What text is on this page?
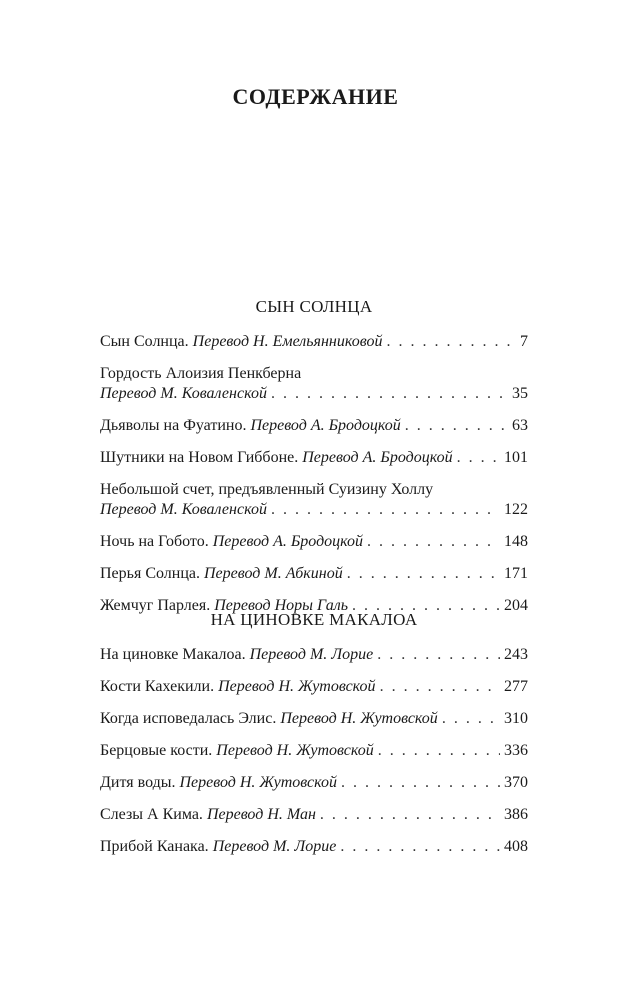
СОДЕРЖАНИЕ
СЫН СОЛНЦА
Сын Солнца.
Перевод Н. Емельянниковой . . .	7
Гордость Алоизия Пенкберна
Перевод М. Коваленской . . .	35
Дьяволы на Фуатино.
Перевод А. Бродоцкой . . .	63
Шутники на Новом Гиббоне.
Перевод А. Бродоцкой . . .	101
Небольшой счет, предъявленный Суизину Холлу
Перевод М. Коваленской . . .	122
Ночь на Гобото.
Перевод А. Бродоцкой . . .	148
Перья Солнца.
Перевод М. Абкиной . . .	171
Жемчуг Парлея.
Перевод Норы Галь . . .	204
НА ЦИНОВКЕ МАКАЛОА
На циновке Макалоа.
Перевод М. Лорие . . .	243
Кости Кахекили.
Перевод Н. Жутовской . . .	277
Когда исповедалась Элис.
Перевод Н. Жутовской . . .	310
Берцовые кости.
Перевод Н. Жутовской . . .	336
Дитя воды.
Перевод Н. Жутовской . . .	370
Слезы А Кима.
Перевод Н. Ман . . .	386
Прибой Канака.
Перевод М. Лорие . . .	408
